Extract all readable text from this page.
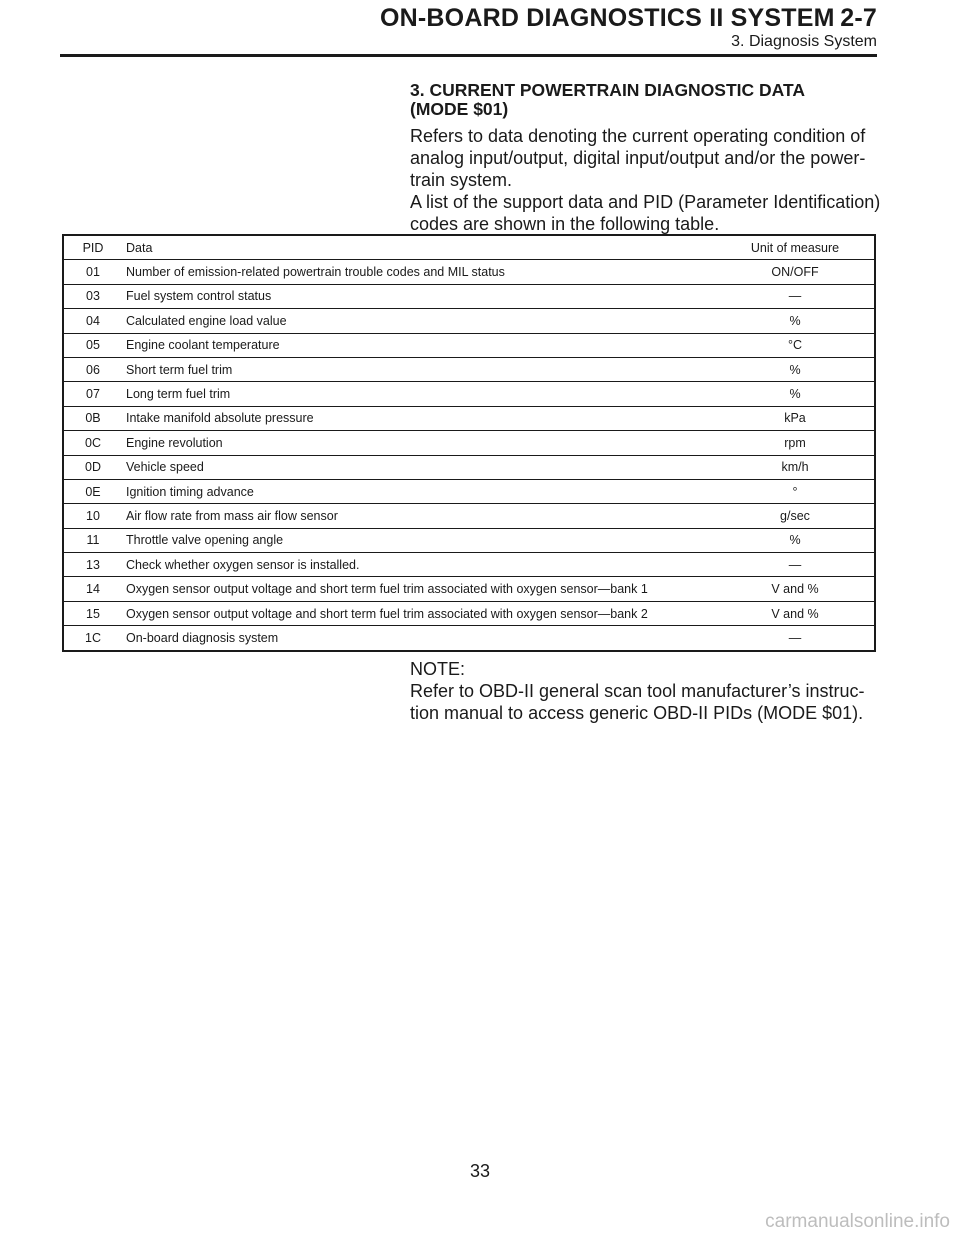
ON-BOARD DIAGNOSTICS II SYSTEM 2-7
3. Diagnosis System
3. CURRENT POWERTRAIN DIAGNOSTIC DATA
(MODE $01)
Refers to data denoting the current operating condition of
analog input/output, digital input/output and/or the power-
train system.
A list of the support data and PID (Parameter Identification)
codes are shown in the following table.
PID	Data	Unit of measure
01	Number of emission-related powertrain trouble codes and MIL status	ON/OFF
03	Fuel system control status	—
04	Calculated engine load value	%
05	Engine coolant temperature	°C
06	Short term fuel trim	%
07	Long term fuel trim	%
0B	Intake manifold absolute pressure	kPa
0C	Engine revolution	rpm
0D	Vehicle speed	km/h
0E	Ignition timing advance	°
10	Air flow rate from mass air flow sensor	g/sec
11	Throttle valve opening angle	%
13	Check whether oxygen sensor is installed.	—
14	Oxygen sensor output voltage and short term fuel trim associated with oxygen sensor—bank 1	V and %
15	Oxygen sensor output voltage and short term fuel trim associated with oxygen sensor—bank 2	V and %
1C	On-board diagnosis system	—
NOTE:
Refer to OBD-II general scan tool manufacturer’s instruc-
tion manual to access generic OBD-II PIDs (MODE $01).
33
carmanualsonline.info
